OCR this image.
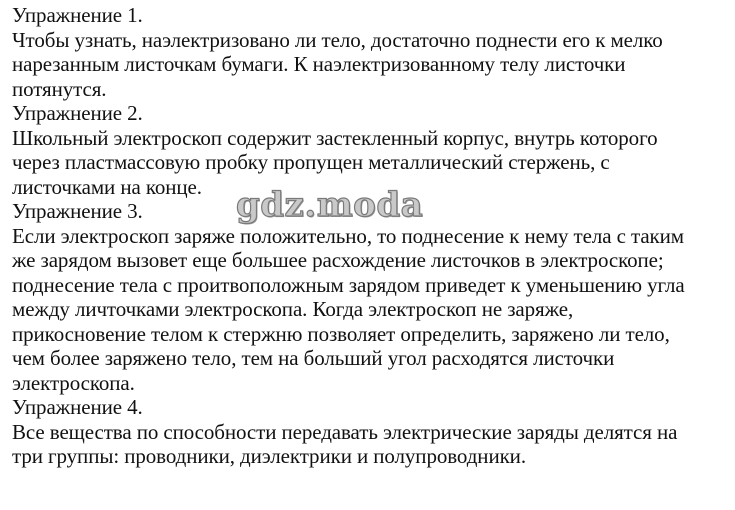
Упражнение 1.
Чтобы узнать, наэлектризовано ли тело, достаточно поднести его к мелко
нарезанным листочкам бумаги. К наэлектризованному телу листочки
потянутся.
Упражнение 2.
Школьный электроскоп содержит застекленный корпус, внутрь которого
через пластмассовую пробку пропущен металлический стержень, с
листочками на конце.
Упражнение 3.
Если электроскоп заряже положительно, то поднесение к нему тела с таким
же зарядом вызовет еще большее расхождение листочков в электроскопе;
поднесение тела с проитвоположным зарядом приведет к уменьшению угла
между личточками электроскопа. Когда электроскоп не заряже,
прикосновение телом к стержню позволяет определить, заряжено ли тело,
чем более заряжено тело, тем на больший угол расходятся листочки
электроскопа.
Упражнение 4.
Все вещества по способности передавать электрические заряды делятся на
три группы: проводники, диэлектрики и полупроводники.
gdz.moda
